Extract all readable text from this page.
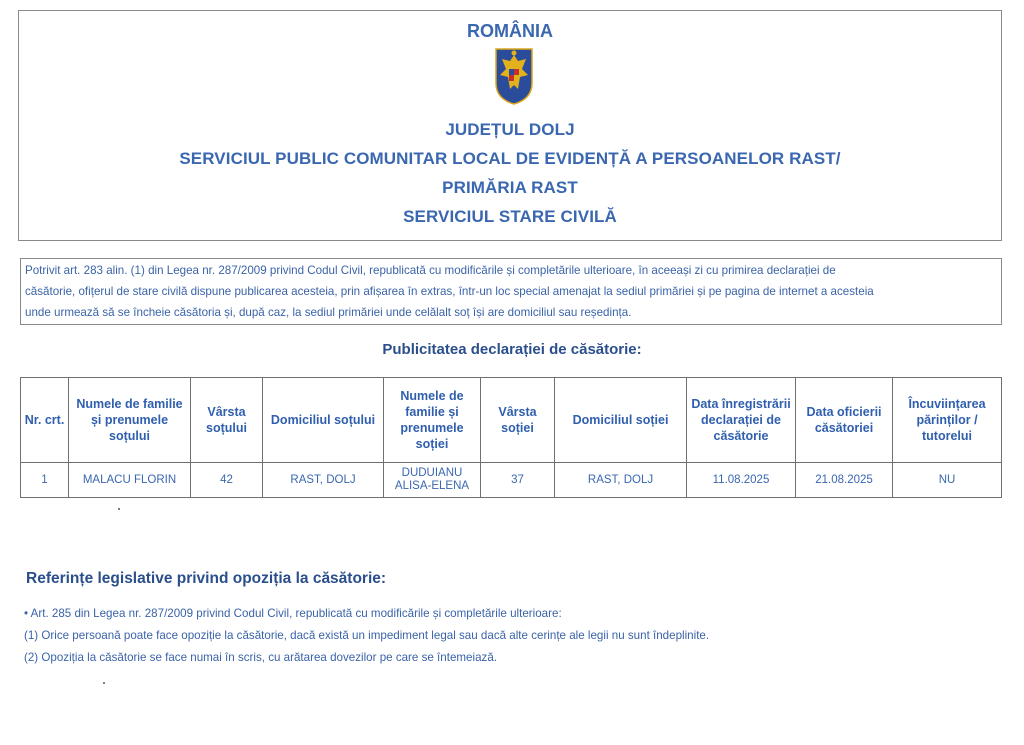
ROMÂNIA
JUDEȚUL DOLJ
SERVICIUL PUBLIC COMUNITAR LOCAL DE EVIDENȚĂ A PERSOANELOR RAST/
PRIMĂRIA RAST
SERVICIUL STARE CIVILĂ
Potrivit art. 283 alin. (1) din Legea nr. 287/2009 privind Codul Civil, republicată cu modificările și completările ulterioare, în aceeași zi cu primirea declarației de
căsătorie, ofițerul de stare civilă dispune publicarea acesteia, prin afișarea în extras, într-un loc special amenajat la sediul primăriei și pe pagina de internet a acesteia
unde urmează să se încheie căsătoria și, după caz, la sediul primăriei unde celălalt soț își are domiciliul sau reședința.
Publicitatea declarației de căsătorie:
Nr. crt.	Numele de familie și prenumele soțului	Vârsta soțului	Domiciliul soțului	Numele de familie și prenumele soției	Vârsta soției	Domiciliul soției	Data înregistrării declarației de căsătorie	Data oficierii căsătoriei	Încuviințarea părinților / tutorelui
1	MALACU FLORIN	42	RAST, DOLJ	DUDUIANU ALISA-ELENA	37	RAST, DOLJ	11.08.2025	21.08.2025	NU
Referințe legislative privind opoziția la căsătorie:
• Art. 285 din Legea nr. 287/2009 privind Codul Civil, republicată cu modificările și completările ulterioare:
(1) Orice persoană poate face opoziție la căsătorie, dacă există un impediment legal sau dacă alte cerințe ale legii nu sunt îndeplinite.
(2) Opoziția la căsătorie se face numai în scris, cu arătarea dovezilor pe care se întemeiază.
